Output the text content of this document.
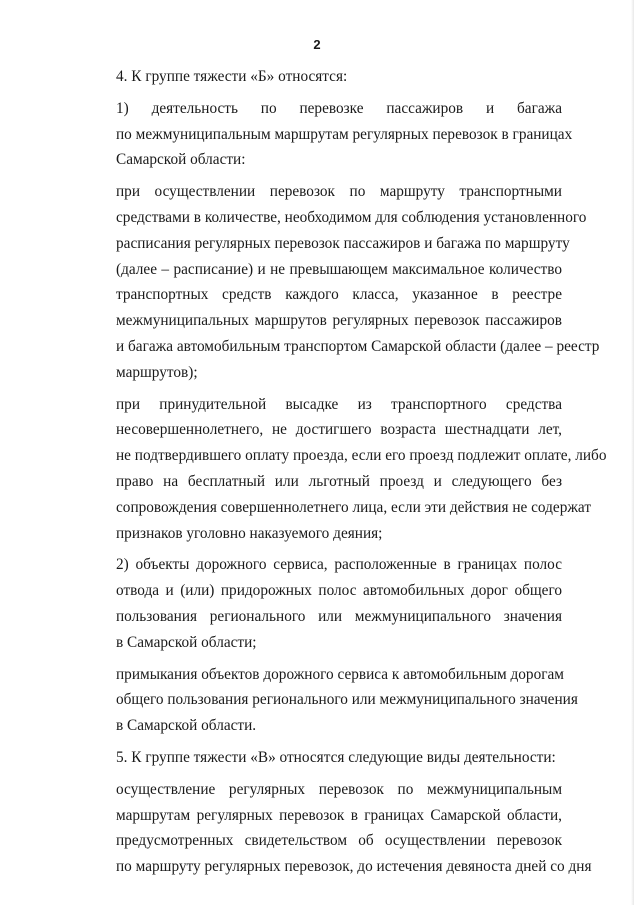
2

4. К группе тяжести «Б» относятся:

1) деятельность по перевозке пассажиров и багажа
по межмуниципальным маршрутам регулярных перевозок в границах
Самарской области:

при осуществлении перевозок по маршруту транспортными
средствами в количестве, необходимом для соблюдения установленного
расписания регулярных перевозок пассажиров и багажа по маршруту
(далее – расписание) и не превышающем максимальное количество
транспортных средств каждого класса, указанное в реестре
межмуниципальных маршрутов регулярных перевозок пассажиров
и багажа автомобильным транспортом Самарской области (далее – реестр
маршрутов);

при принудительной высадке из транспортного средства
несовершеннолетнего, не достигшего возраста шестнадцати лет,
не подтвердившего оплату проезда, если его проезд подлежит оплате, либо
право на бесплатный или льготный проезд и следующего без
сопровождения совершеннолетнего лица, если эти действия не содержат
признаков уголовно наказуемого деяния;

2) объекты дорожного сервиса, расположенные в границах полос
отвода и (или) придорожных полос автомобильных дорог общего
пользования регионального или межмуниципального значения
в Самарской области;

примыкания объектов дорожного сервиса к автомобильным дорогам
общего пользования регионального или межмуниципального значения
в Самарской области.

5. К группе тяжести «В» относятся следующие виды деятельности:

осуществление регулярных перевозок по межмуниципальным
маршрутам регулярных перевозок в границах Самарской области,
предусмотренных свидетельством об осуществлении перевозок
по маршруту регулярных перевозок, до истечения девяноста дней со дня
